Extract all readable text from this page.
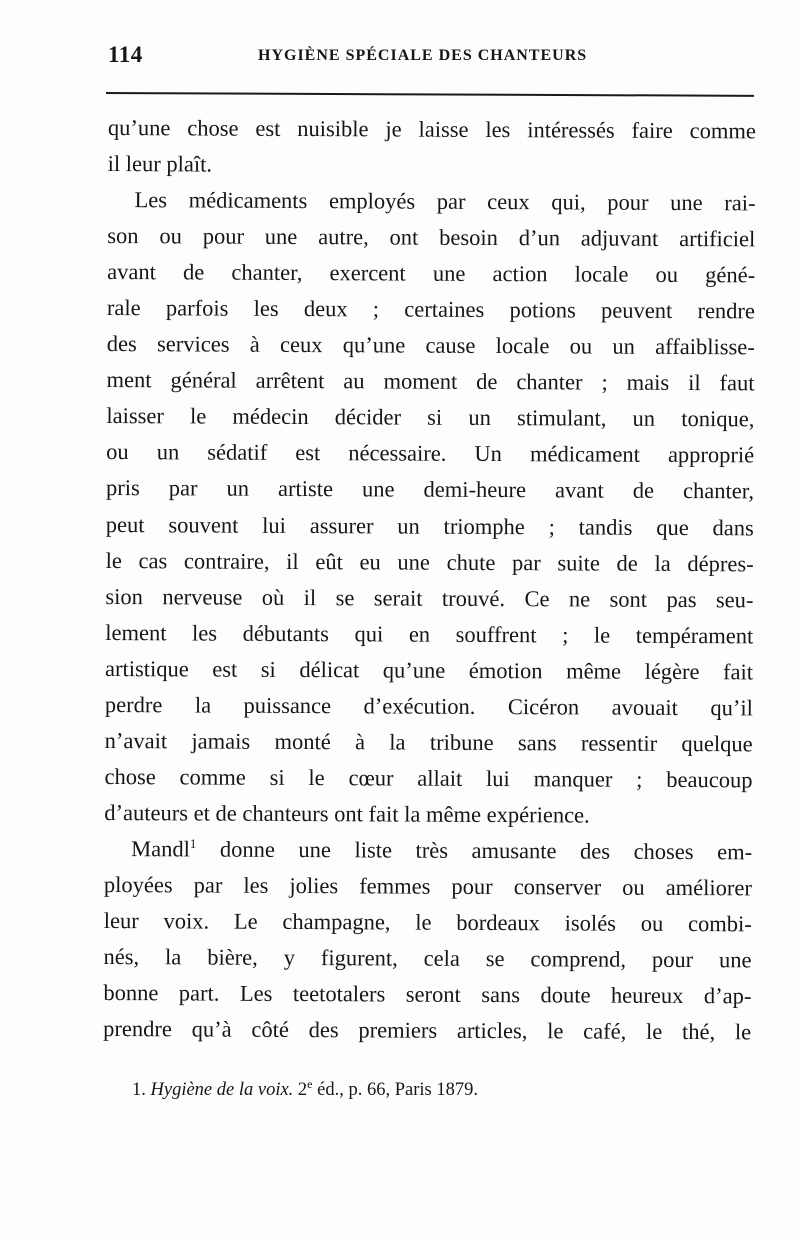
114	HYGIÈNE SPÉCIALE DES CHANTEURS
qu’une chose est nuisible je laisse les intéressés faire comme
il leur plaît.
Les médicaments employés par ceux qui, pour une rai-
son ou pour une autre, ont besoin d’un adjuvant artificiel
avant de chanter, exercent une action locale ou géné-
rale parfois les deux ; certaines potions peuvent rendre
des services à ceux qu’une cause locale ou un affaiblisse-
ment général arrêtent au moment de chanter ; mais il faut
laisser le médecin décider si un stimulant, un tonique,
ou un sédatif est nécessaire. Un médicament approprié
pris par un artiste une demi-heure avant de chanter,
peut souvent lui assurer un triomphe ; tandis que dans
le cas contraire, il eût eu une chute par suite de la dépres-
sion nerveuse où il se serait trouvé. Ce ne sont pas seu-
lement les débutants qui en souffrent ; le tempérament
artistique est si délicat qu’une émotion même légère fait
perdre la puissance d’exécution. Cicéron avouait qu’il
n’avait jamais monté à la tribune sans ressentir quelque
chose comme si le cœur allait lui manquer ; beaucoup
d’auteurs et de chanteurs ont fait la même expérience.
Mandl$^1$ donne une liste très amusante des choses em-
ployées par les jolies femmes pour conserver ou améliorer
leur voix. Le champagne, le bordeaux isolés ou combi-
nés, la bière, y figurent, cela se comprend, pour une
bonne part. Les teetotalers seront sans doute heureux d’ap-
prendre qu’à côté des premiers articles, le café, le thé, le
1. Hygiène de la voix. 2e éd., p. 66, Paris 1879.
